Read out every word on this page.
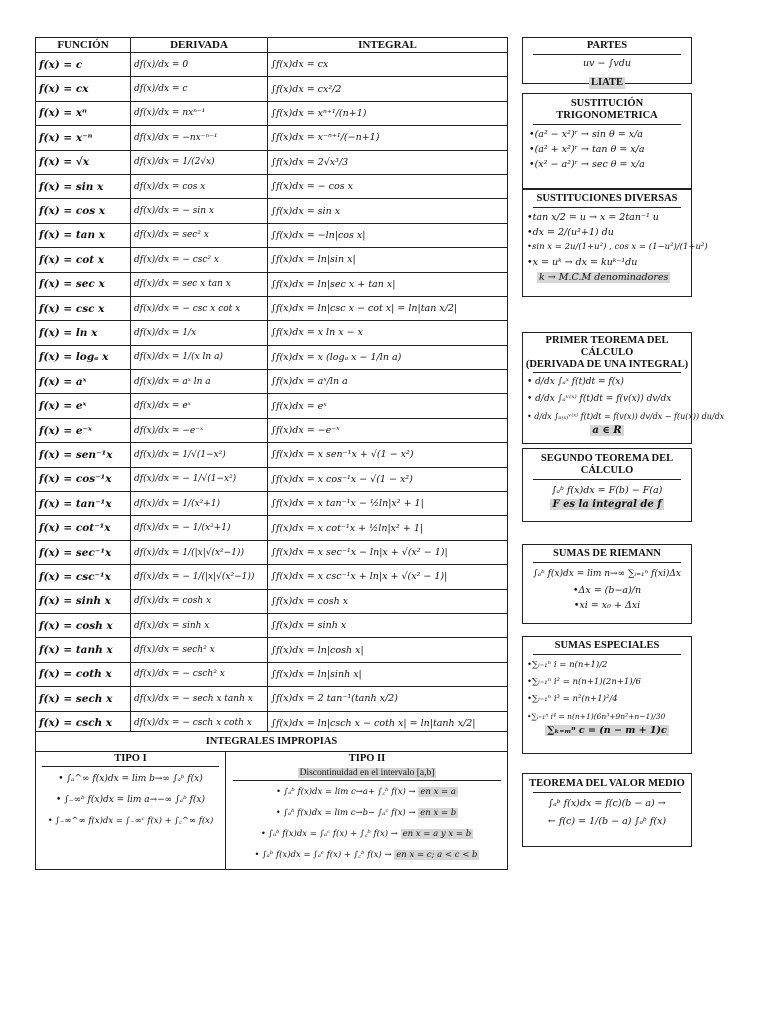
FUNCIÓN	DERIVADA	INTEGRAL
f(x) = c	df(x)/dx = 0	∫f(x)dx = cx
f(x) = cx	df(x)/dx = c	∫f(x)dx = cx²/2
f(x) = xⁿ	df(x)/dx = nxⁿ⁻¹	∫f(x)dx = xⁿ⁺¹/(n+1)
f(x) = x⁻ⁿ	df(x)/dx = −nx⁻ⁿ⁻¹	∫f(x)dx = x⁻ⁿ⁺¹/(−n+1)
f(x) = √x	df(x)/dx = 1/(2√x)	∫f(x)dx = 2√x³/3
f(x) = sin x	df(x)/dx = cos x	∫f(x)dx = − cos x
f(x) = cos x	df(x)/dx = − sin x	∫f(x)dx = sin x
f(x) = tan x	df(x)/dx = sec² x	∫f(x)dx = −ln|cos x|
f(x) = cot x	df(x)/dx = − csc² x	∫f(x)dx = ln|sin x|
f(x) = sec x	df(x)/dx = sec x tan x	∫f(x)dx = ln|sec x + tan x|
f(x) = csc x	df(x)/dx = − csc x cot x	∫f(x)dx = ln|csc x − cot x| = ln|tan x/2|
f(x) = ln x	df(x)/dx = 1/x	∫f(x)dx = x ln x − x
f(x) = logₐ x	df(x)/dx = 1/(x ln a)	∫f(x)dx = x (logₐ x − 1/ln a)
f(x) = aˣ	df(x)/dx = aˣ ln a	∫f(x)dx = aˣ/ln a
f(x) = eˣ	df(x)/dx = eˣ	∫f(x)dx = eˣ
f(x) = e⁻ˣ	df(x)/dx = −e⁻ˣ	∫f(x)dx = −e⁻ˣ
f(x) = sen⁻¹x	df(x)/dx = 1/√(1−x²)	∫f(x)dx = x sen⁻¹x + √(1 − x²)
f(x) = cos⁻¹x	df(x)/dx = − 1/√(1−x²)	∫f(x)dx = x cos⁻¹x − √(1 − x²)
f(x) = tan⁻¹x	df(x)/dx = 1/(x²+1)	∫f(x)dx = x tan⁻¹x − ½ln|x² + 1|
f(x) = cot⁻¹x	df(x)/dx = − 1/(x²+1)	∫f(x)dx = x cot⁻¹x + ½ln|x² + 1|
f(x) = sec⁻¹x	df(x)/dx = 1/(|x|√(x²−1))	∫f(x)dx = x sec⁻¹x − ln|x + √(x² − 1)|
f(x) = csc⁻¹x	df(x)/dx = − 1/(|x|√(x²−1))	∫f(x)dx = x csc⁻¹x + ln|x + √(x² − 1)|
f(x) = sinh x	df(x)/dx = cosh x	∫f(x)dx = cosh x
f(x) = cosh x	df(x)/dx = sinh x	∫f(x)dx = sinh x
f(x) = tanh x	df(x)/dx = sech² x	∫f(x)dx = ln|cosh x|
f(x) = coth x	df(x)/dx = − csch² x	∫f(x)dx = ln|sinh x|
f(x) = sech x	df(x)/dx = − sech x tanh x	∫f(x)dx = 2 tan⁻¹(tanh x/2)
f(x) = csch x	df(x)/dx = − csch x coth x	∫f(x)dx = ln|csch x − coth x| = ln|tanh x/2|
PARTES
uv − ∫vdu
LIATE
SUSTITUCIÓN
TRIGONOMETRICA
•(a² − x²)ʳ → sin θ = x/a
•(a² + x²)ʳ → tan θ = x/a
•(x² − a²)ʳ → sec θ = x/a
SUSTITUCIONES DIVERSAS
•tan x/2 = u → x = 2tan⁻¹ u
•dx = 2/(u²+1) du
•sin x = 2u/(1+u²) , cos x = (1−u²)/(1+u²)
•x = uᵏ → dx = kuᵏ⁻¹du
k → M.C.M denominadores
PRIMER TEOREMA DEL CÁLCULO
(DERIVADA DE UNA INTEGRAL)
• d/dx ∫ₐˣ f(t)dt = f(x)
• d/dx ∫ₐᵛ⁽ˣ⁾ f(t)dt = f(v(x)) dv/dx
• d/dx ∫ᵤ₍ₓ₎ᵛ⁽ˣ⁾ f(t)dt = f(v(x)) dv/dx − f(u(x)) du/dx
a ∈ R
SEGUNDO TEOREMA DEL CÁLCULO
∫ₐᵇ f(x)dx = F(b) − F(a)
F es la integral de f
SUMAS DE RIEMANN
∫ₐᵇ f(x)dx = lim n→∞ ∑ᵢ₌₁ⁿ f(xi)Δx
•Δx = (b−a)/n
•xi = x₀ + Δxi
SUMAS ESPECIALES
•∑ᵢ₌₁ⁿ i = n(n+1)/2
•∑ᵢ₌₁ⁿ i² = n(n+1)(2n+1)/6
•∑ᵢ₌₁ⁿ i³ = n²(n+1)²/4
•∑ᵢ₌₁ⁿ i⁴ = n(n+1)(6n³+9n²+n−1)/30
∑ₖ₌ₘⁿ c = (n − m + 1)c
TEOREMA DEL VALOR MEDIO
∫ₐᵇ f(x)dx = f(c)(b − a) →
← f(c) = 1/(b − a) ∫ₐᵇ f(x)
INTEGRALES IMPROPIAS
TIPO I
• ∫ₐ^∞ f(x)dx = lim b→∞ ∫ₐᵇ f(x)
• ∫₋∞ᵇ f(x)dx = lim a→−∞ ∫ₐᵇ f(x)
• ∫₋∞^∞ f(x)dx = ∫₋∞ᶜ f(x) + ∫꜀^∞ f(x)
TIPO II
Discontinuidad en el intervalo [a,b]
• ∫ₐᵇ f(x)dx = lim c→a+ ∫꜀ᵇ f(x) → en x = a
• ∫ₐᵇ f(x)dx = lim c→b− ∫ₐᶜ f(x) → en x = b
• ∫ₐᵇ f(x)dx = ∫ₐᶜ f(x) + ∫꜀ᵇ f(x) → en x = a y x = b
• ∫ₐᵇ f(x)dx = ∫ₐᶜ f(x) + ∫꜀ᵇ f(x) → en x = c; a < c < b
